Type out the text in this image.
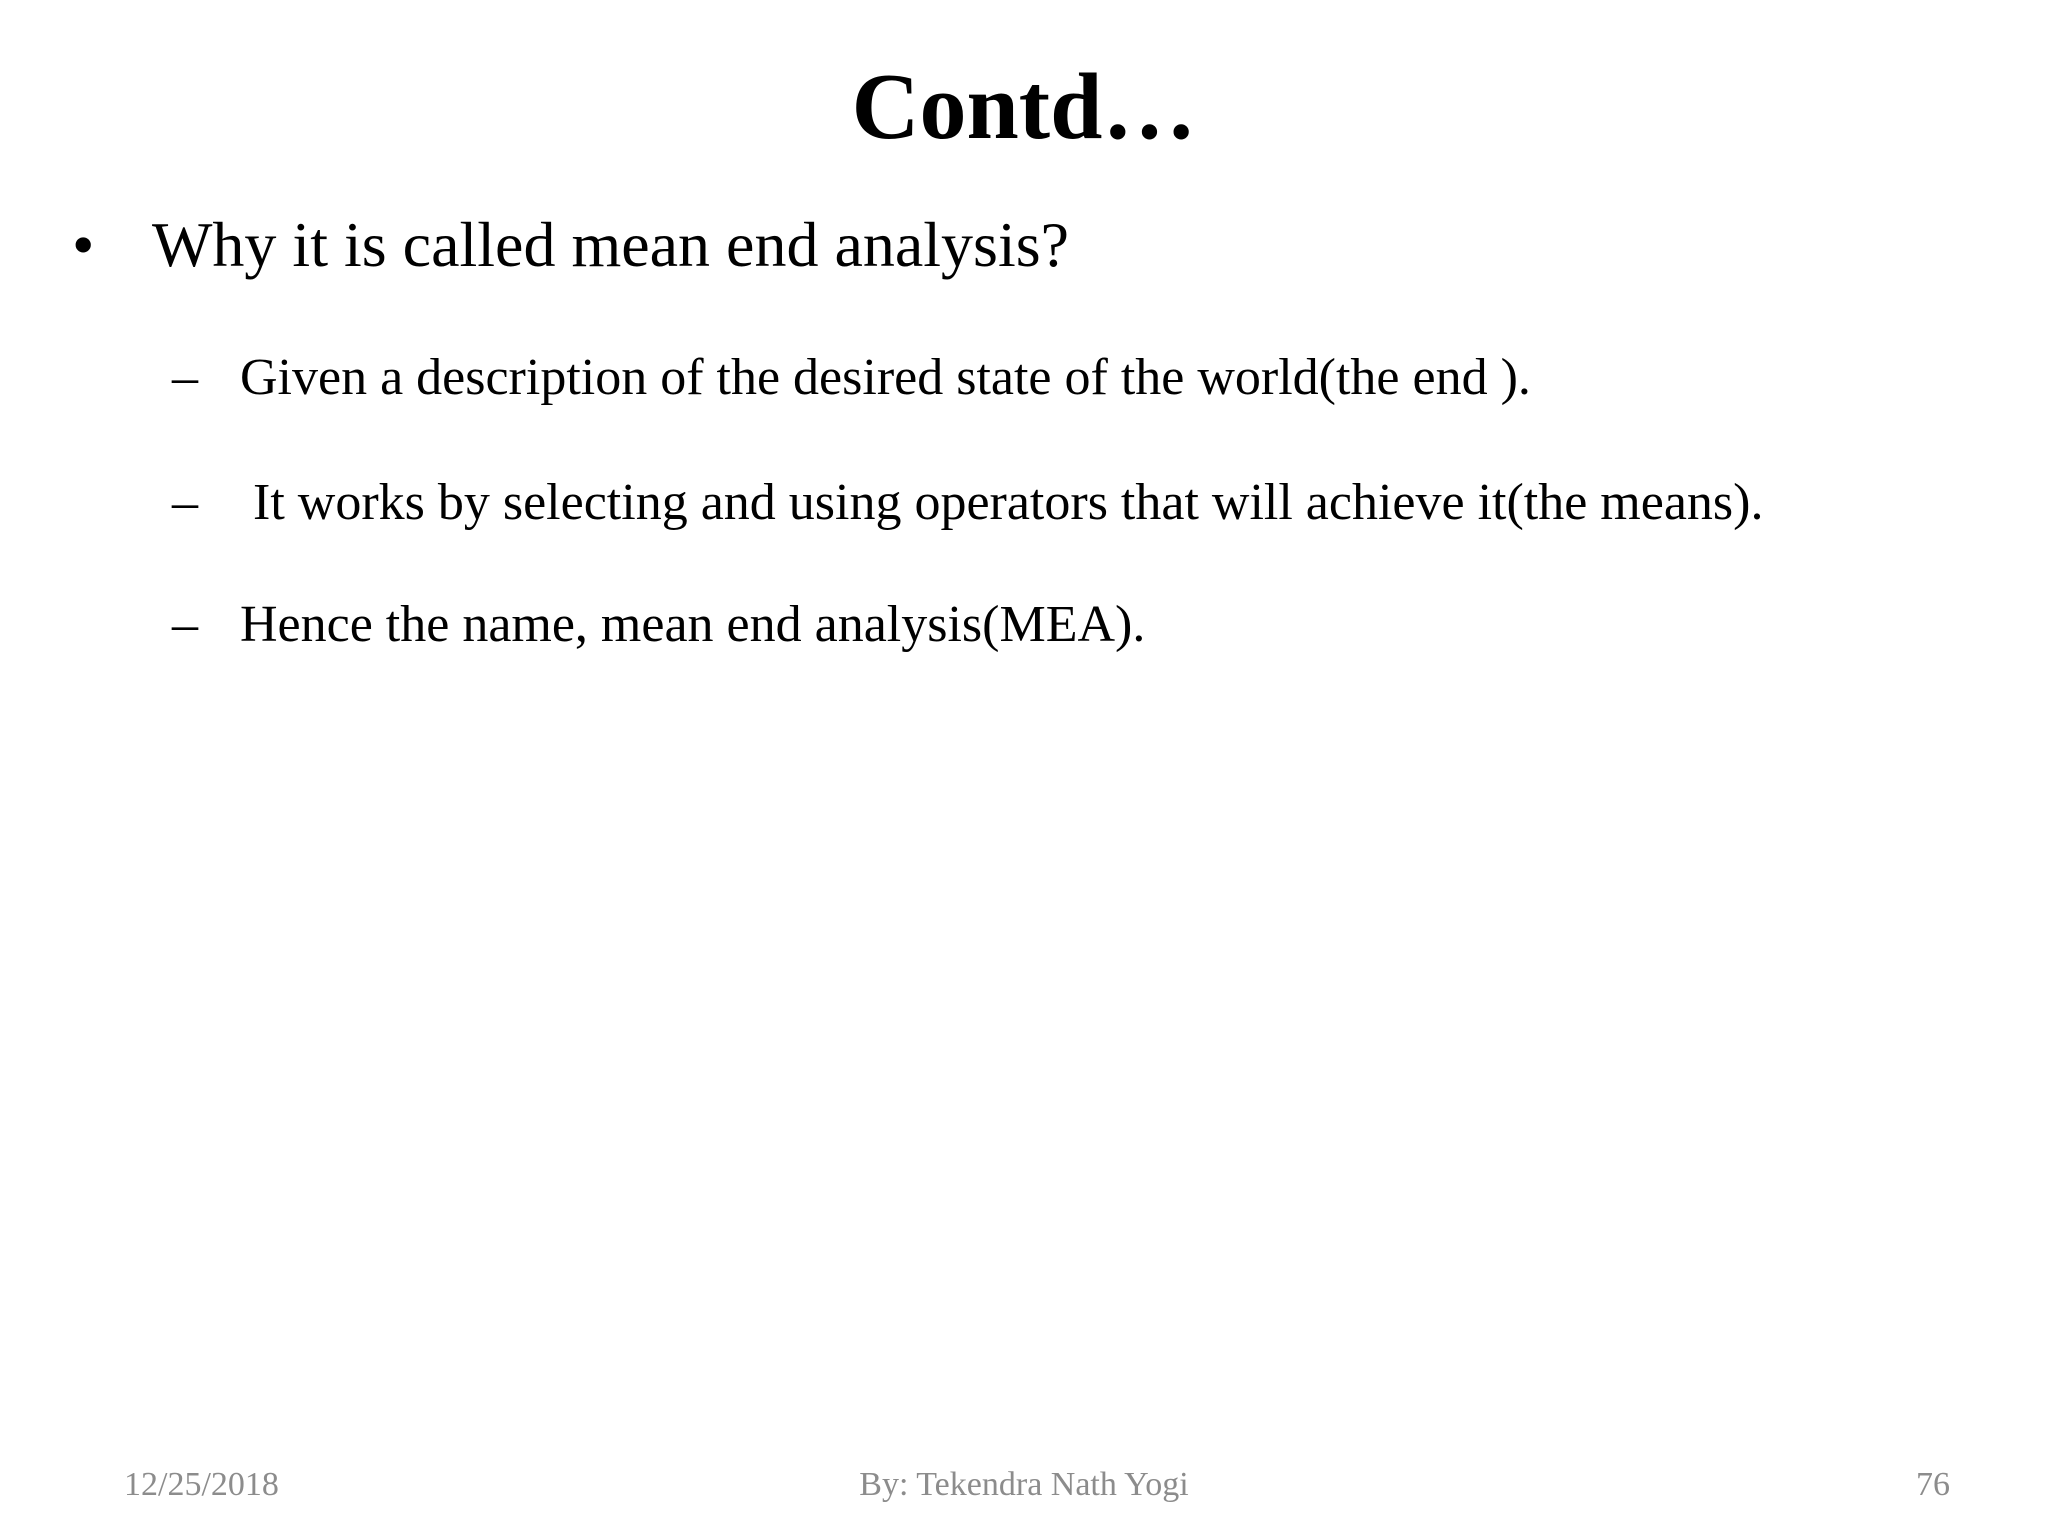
Contd…
• Why it is called mean end analysis?
– Given a description of the desired state of the world(the end ).
– It works by selecting and using operators that will achieve it(the means).
– Hence the name, mean end analysis(MEA).
12/25/2018	By: Tekendra Nath Yogi	76
